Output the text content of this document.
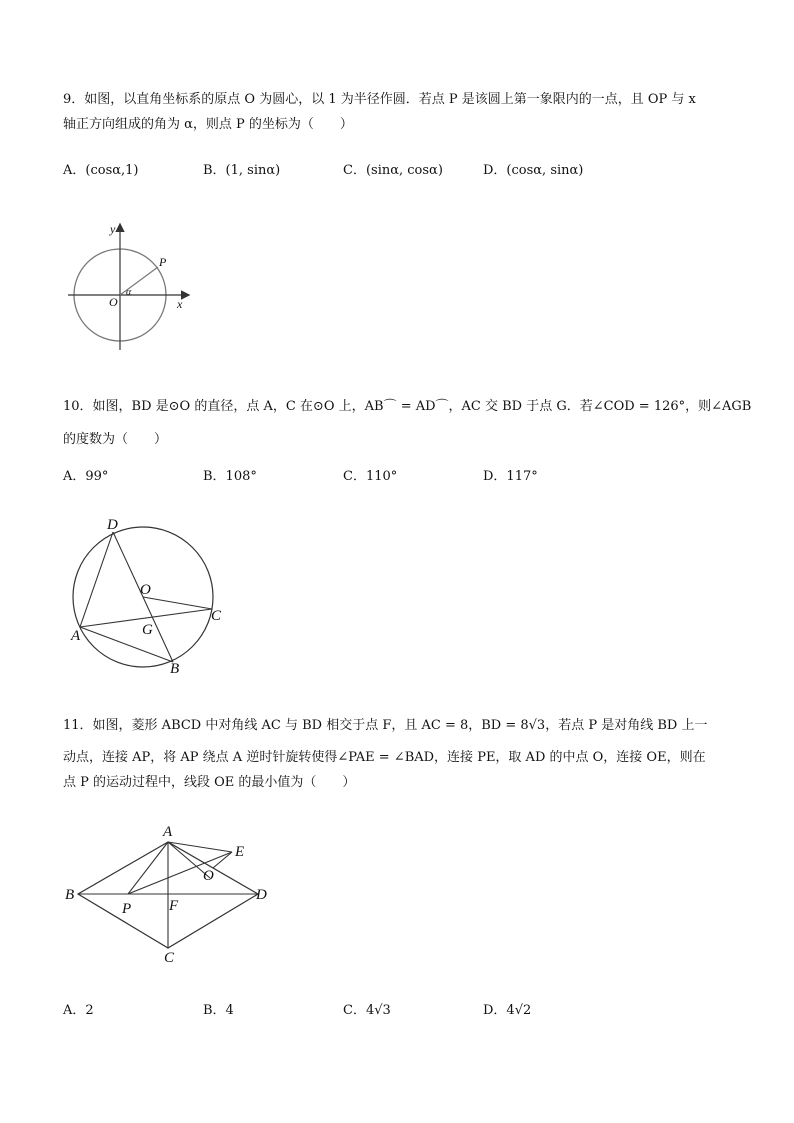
9．如图，以直角坐标系的原点 O 为圆心，以 1 为半径作圆．若点 P 是该圆上第一象限内的一点，且 OP 与 x
轴正方向组成的角为 α，则点 P 的坐标为（　　）
A．(cosα,1)	B．(1, sinα)	C．(sinα, cosα)	D．(cosα, sinα)
y
x
O
P
α
10．如图，BD 是⊙O 的直径，点 A，C 在⊙O 上，AB⌒ = AD⌒，AC 交 BD 于点 G．若∠COD = 126°，则∠AGB
的度数为（　　）
A．99°	B．108°	C．110°	D．117°
D
O
C
A	G
B
11．如图，菱形 ABCD 中对角线 AC 与 BD 相交于点 F，且 AC = 8，BD = 8√3，若点 P 是对角线 BD 上一
动点，连接 AP，将 AP 绕点 A 逆时针旋转使得∠PAE = ∠BAD，连接 PE，取 AD 的中点 O，连接 OE，则在
点 P 的运动过程中，线段 OE 的最小值为（　　）
A
E
O
B
P	F
D
C
A．2	B．4	C．4√3	D．4√2
